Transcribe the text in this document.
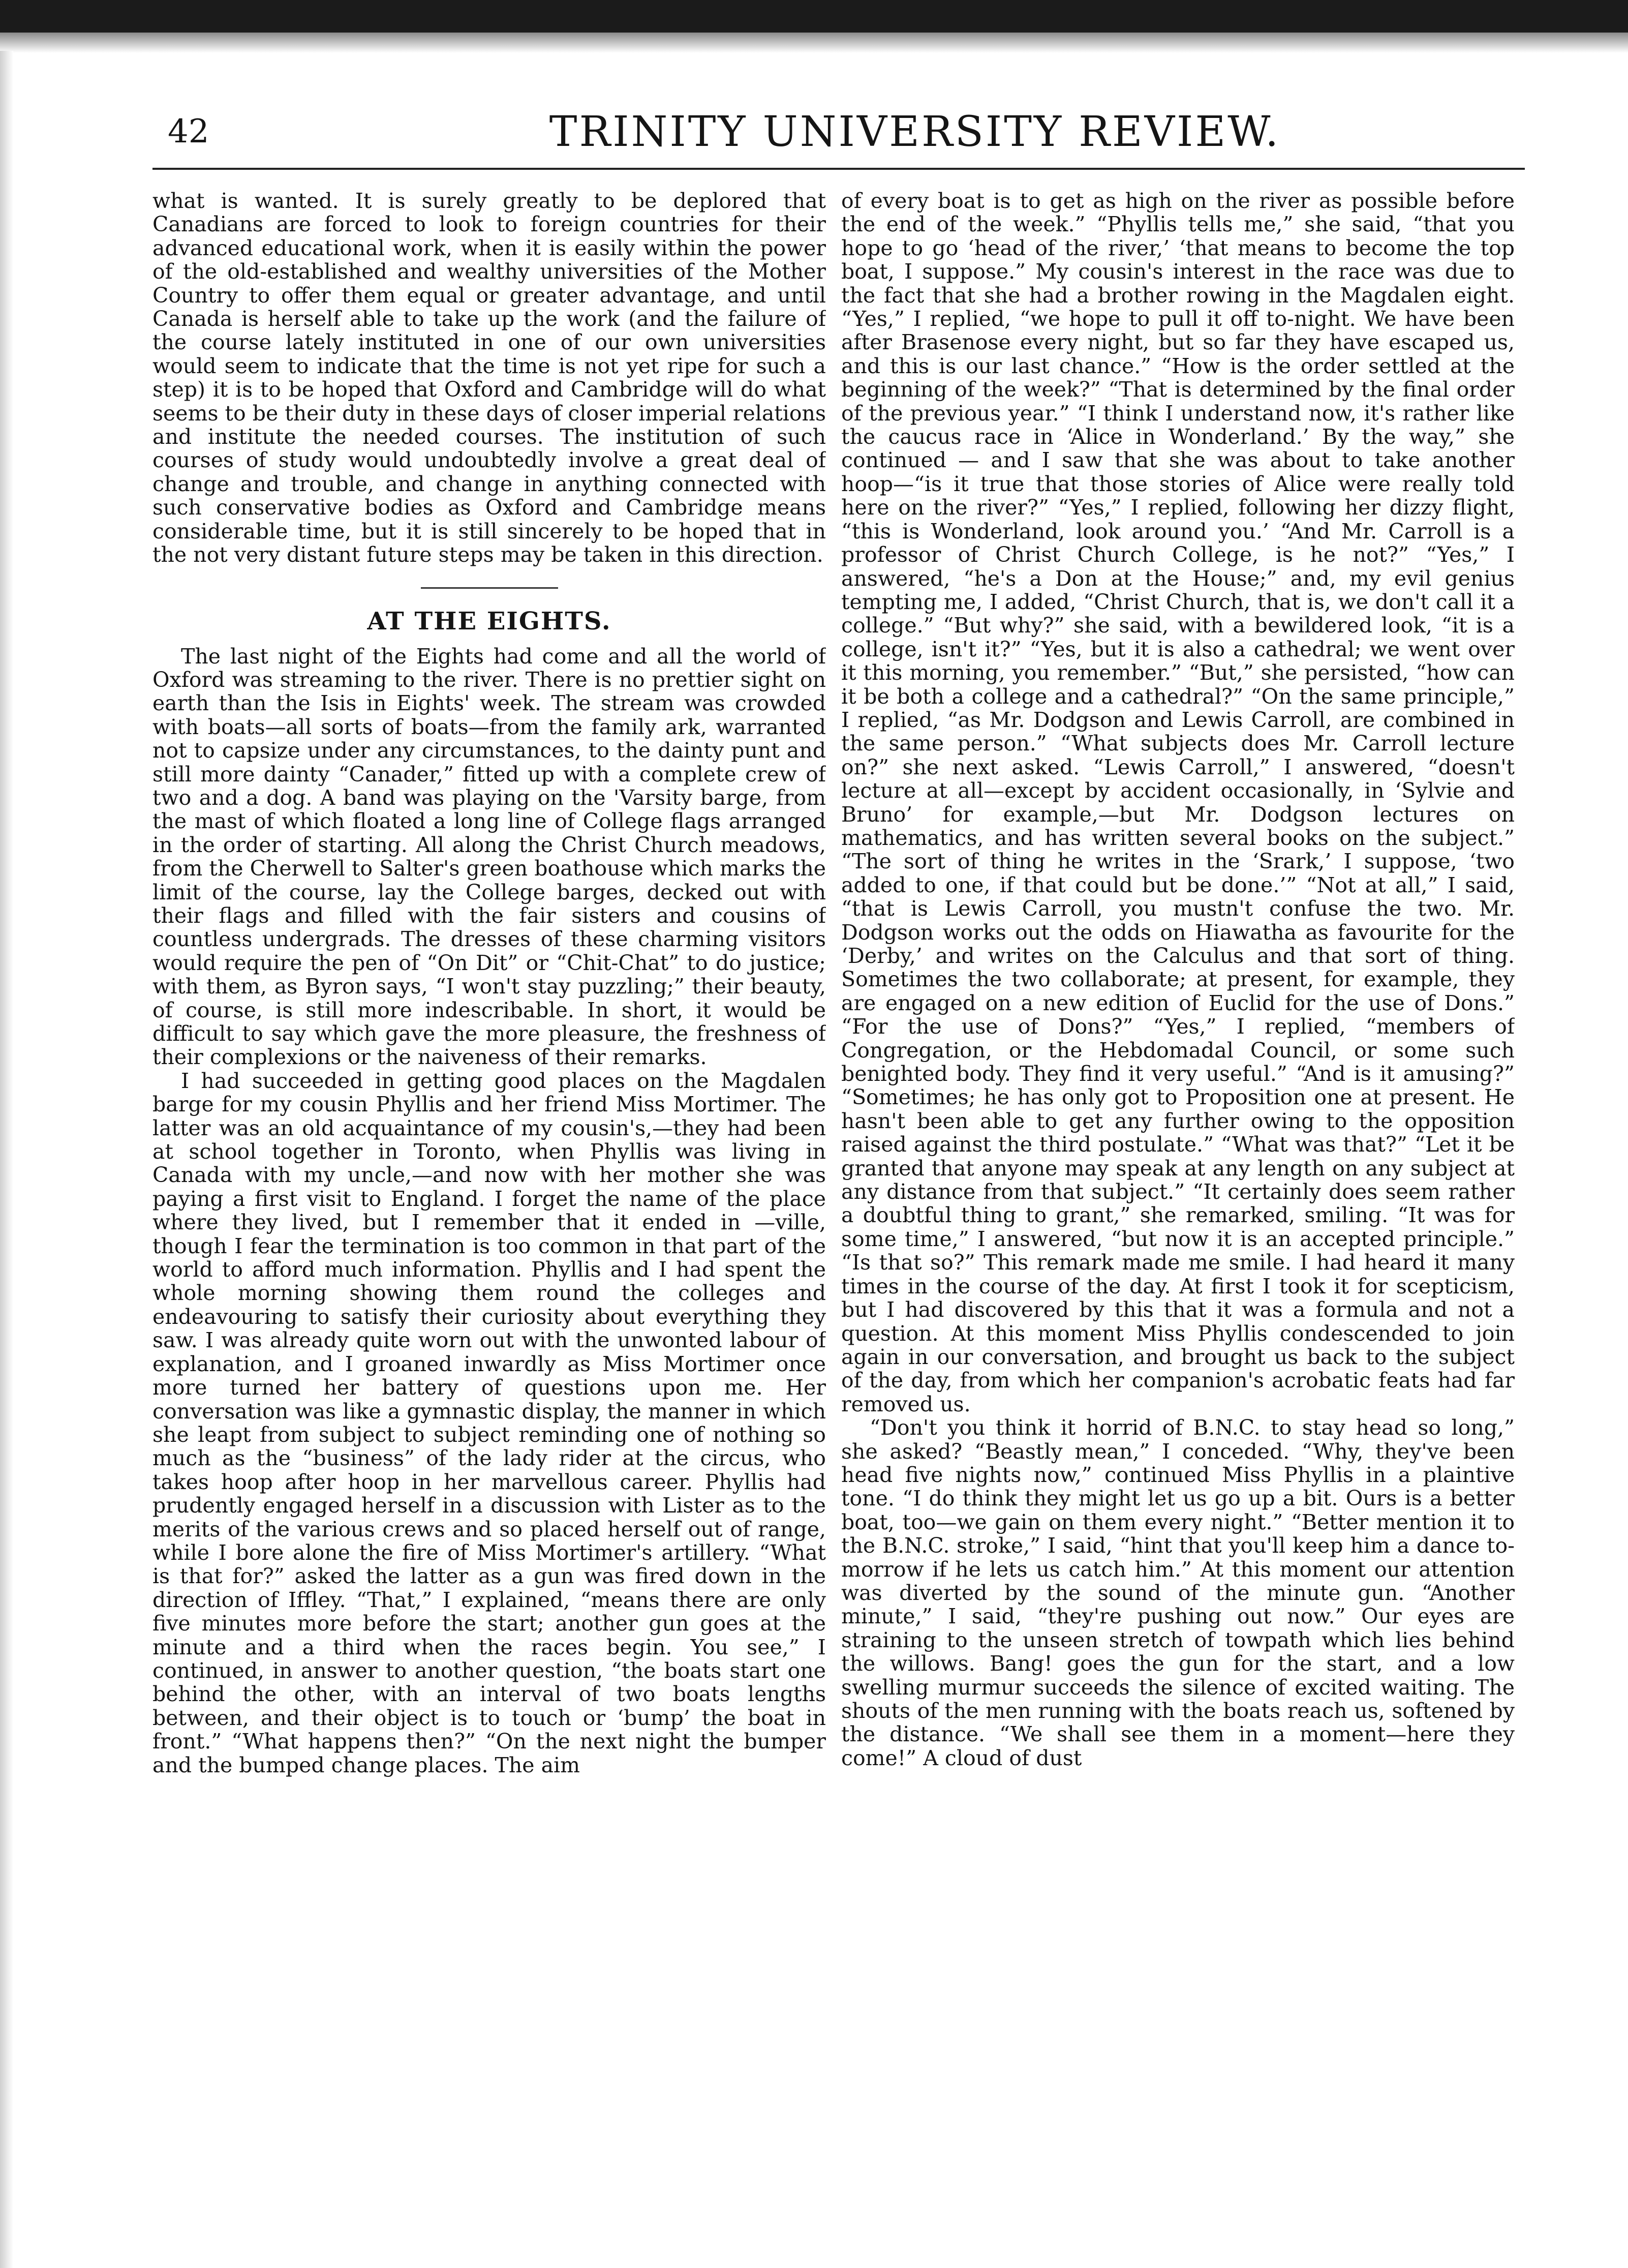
42	TRINITY UNIVERSITY REVIEW.

what is wanted. It is surely greatly to be deplored that Canadians are forced to look to foreign countries for their advanced educational work, when it is easily within the power of the old-established and wealthy universities of the Mother Country to offer them equal or greater advantage, and until Canada is herself able to take up the work (and the failure of the course lately instituted in one of our own universities would seem to indicate that the time is not yet ripe for such a step) it is to be hoped that Oxford and Cambridge will do what seems to be their duty in these days of closer imperial relations and institute the needed courses. The institution of such courses of study would undoubtedly involve a great deal of change and trouble, and change in anything connected with such conservative bodies as Oxford and Cambridge means considerable time, but it is still sincerely to be hoped that in the not very distant future steps may be taken in this direction.

AT THE EIGHTS.

The last night of the Eights had come and all the world of Oxford was streaming to the river. There is no prettier sight on earth than the Isis in Eights' week. The stream was crowded with boats—all sorts of boats—from the family ark, warranted not to capsize under any circumstances, to the dainty punt and still more dainty “Canader,” fitted up with a complete crew of two and a dog. A band was playing on the 'Varsity barge, from the mast of which floated a long line of College flags arranged in the order of starting. All along the Christ Church meadows, from the Cherwell to Salter's green boathouse which marks the limit of the course, lay the College barges, decked out with their flags and filled with the fair sisters and cousins of countless undergrads. The dresses of these charming visitors would require the pen of “On Dit” or “Chit-Chat” to do justice; with them, as Byron says, “I won't stay puzzling;” their beauty, of course, is still more indescribable. In short, it would be difficult to say which gave the more pleasure, the freshness of their complexions or the naiveness of their remarks.

I had succeeded in getting good places on the Magdalen barge for my cousin Phyllis and her friend Miss Mortimer. The latter was an old acquaintance of my cousin's,—they had been at school together in Toronto, when Phyllis was living in Canada with my uncle,—and now with her mother she was paying a first visit to England. I forget the name of the place where they lived, but I remember that it ended in —ville, though I fear the termination is too common in that part of the world to afford much information. Phyllis and I had spent the whole morning showing them round the colleges and endeavouring to satisfy their curiosity about everything they saw. I was already quite worn out with the unwonted labour of explanation, and I groaned inwardly as Miss Mortimer once more turned her battery of questions upon me. Her conversation was like a gymnastic display, the manner in which she leapt from subject to subject reminding one of nothing so much as the “business” of the lady rider at the circus, who takes hoop after hoop in her marvellous career. Phyllis had prudently engaged herself in a discussion with Lister as to the merits of the various crews and so placed herself out of range, while I bore alone the fire of Miss Mortimer's artillery. “What is that for?” asked the latter as a gun was fired down in the direction of Iffley. “That,” I explained, “means there are only five minutes more before the start; another gun goes at the minute and a third when the races begin. You see,” I continued, in answer to another question, “the boats start one behind the other, with an interval of two boats lengths between, and their object is to touch or ‘bump’ the boat in front.” “What happens then?” “On the next night the bumper and the bumped change places. The aim

of every boat is to get as high on the river as possible before the end of the week.” “Phyllis tells me,” she said, “that you hope to go ‘head of the river,’ ‘that means to become the top boat, I suppose.” My cousin's interest in the race was due to the fact that she had a brother rowing in the Magdalen eight. “Yes,” I replied, “we hope to pull it off to-night. We have been after Brasenose every night, but so far they have escaped us, and this is our last chance.” “How is the order settled at the beginning of the week?” “That is determined by the final order of the previous year.” “I think I understand now, it's rather like the caucus race in ‘Alice in Wonderland.’ By the way,” she continued — and I saw that she was about to take another hoop—“is it true that those stories of Alice were really told here on the river?” “Yes,” I replied, following her dizzy flight, “this is Wonderland, look around you.’ “And Mr. Carroll is a professor of Christ Church College, is he not?” “Yes,” I answered, “he's a Don at the House;” and, my evil genius tempting me, I added, “Christ Church, that is, we don't call it a college.” “But why?” she said, with a bewildered look, “it is a college, isn't it?” “Yes, but it is also a cathedral; we went over it this morning, you remember.” “But,” she persisted, “how can it be both a college and a cathedral?” “On the same principle,” I replied, “as Mr. Dodgson and Lewis Carroll, are combined in the same person.” “What subjects does Mr. Carroll lecture on?” she next asked. “Lewis Carroll,” I answered, “doesn't lecture at all—except by accident occasionally, in ‘Sylvie and Bruno’ for example,—but Mr. Dodgson lectures on mathematics, and has written several books on the subject.” “The sort of thing he writes in the ‘Srark,’ I suppose, ‘two added to one, if that could but be done.’” “Not at all,” I said, “that is Lewis Carroll, you mustn't confuse the two. Mr. Dodgson works out the odds on Hiawatha as favourite for the ‘Derby,’ and writes on the Calculus and that sort of thing. Sometimes the two collaborate; at present, for example, they are engaged on a new edition of Euclid for the use of Dons.” “For the use of Dons?” “Yes,” I replied, “members of Congregation, or the Hebdomadal Council, or some such benighted body. They find it very useful.” “And is it amusing?” “Sometimes; he has only got to Proposition one at present. He hasn't been able to get any further owing to the opposition raised against the third postulate.” “What was that?” “Let it be granted that anyone may speak at any length on any subject at any distance from that subject.” “It certainly does seem rather a doubtful thing to grant,” she remarked, smiling. “It was for some time,” I answered, “but now it is an accepted principle.” “Is that so?” This remark made me smile. I had heard it many times in the course of the day. At first I took it for scepticism, but I had discovered by this that it was a formula and not a question. At this moment Miss Phyllis condescended to join again in our conversation, and brought us back to the subject of the day, from which her companion's acrobatic feats had far removed us.

“Don't you think it horrid of B.N.C. to stay head so long,” she asked? “Beastly mean,” I conceded. “Why, they've been head five nights now,” continued Miss Phyllis in a plaintive tone. “I do think they might let us go up a bit. Ours is a better boat, too—we gain on them every night.” “Better mention it to the B.N.C. stroke,” I said, “hint that you'll keep him a dance to-morrow if he lets us catch him.” At this moment our attention was diverted by the sound of the minute gun. “Another minute,” I said, “they're pushing out now.” Our eyes are straining to the unseen stretch of towpath which lies behind the willows. Bang! goes the gun for the start, and a low swelling murmur succeeds the silence of excited waiting. The shouts of the men running with the boats reach us, softened by the distance. “We shall see them in a moment—here they come!” A cloud of dust
